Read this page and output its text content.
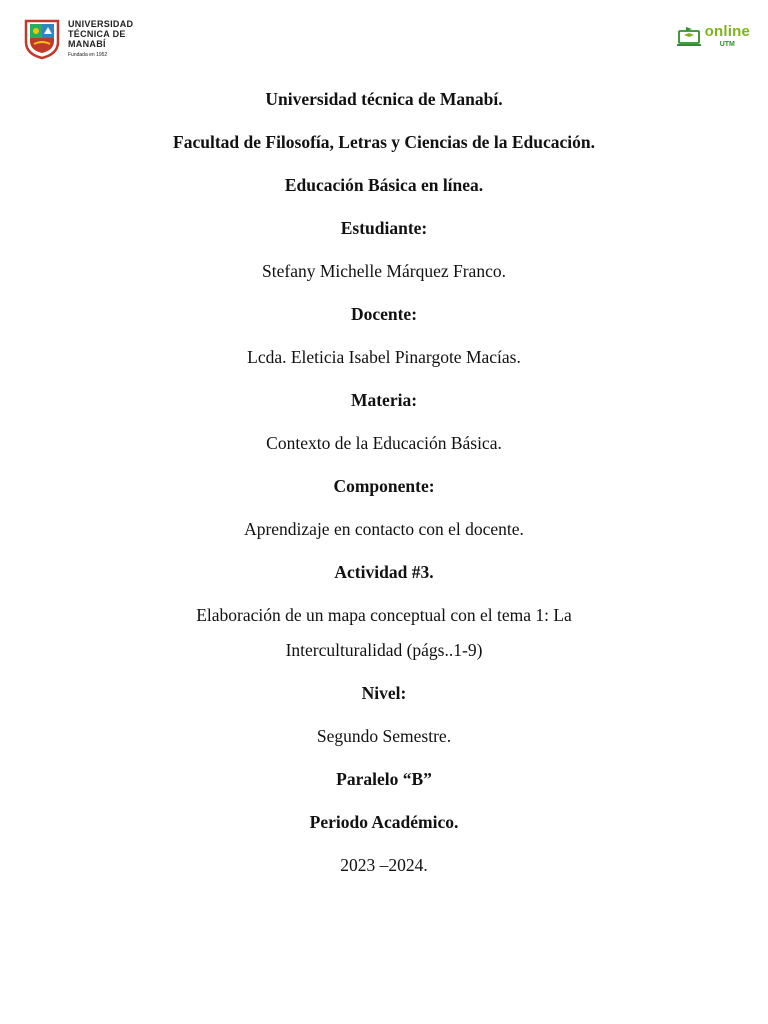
UNIVERSIDAD
TÉCNICA DE
MANABÍ
Fundada en 1952
online
UTM

Universidad técnica de Manabí.

Facultad de Filosofía, Letras y Ciencias de la Educación.

Educación Básica en línea.

Estudiante:

Stefany Michelle Márquez Franco.

Docente:

Lcda. Eleticia Isabel Pinargote Macías.

Materia:

Contexto de la Educación Básica.

Componente:

Aprendizaje en contacto con el docente.

Actividad #3.

Elaboración de un mapa conceptual con el tema 1: La

Interculturalidad (págs..1-9)

Nivel:

Segundo Semestre.

Paralelo “B”

Periodo Académico.

2023 –2024.
